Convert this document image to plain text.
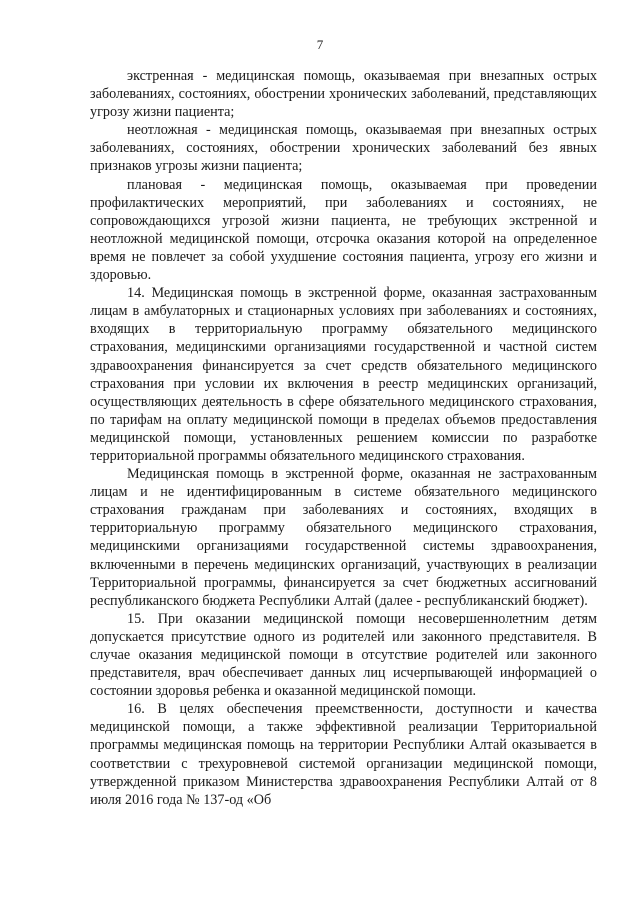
7

экстренная - медицинская помощь, оказываемая при внезапных острых заболеваниях, состояниях, обострении хронических заболеваний, представляющих угрозу жизни пациента;

неотложная - медицинская помощь, оказываемая при внезапных острых заболеваниях, состояниях, обострении хронических заболеваний без явных признаков угрозы жизни пациента;

плановая - медицинская помощь, оказываемая при проведении профилактических мероприятий, при заболеваниях и состояниях, не сопровождающихся угрозой жизни пациента, не требующих экстренной и неотложной медицинской помощи, отсрочка оказания которой на определенное время не повлечет за собой ухудшение состояния пациента, угрозу его жизни и здоровью.

14. Медицинская помощь в экстренной форме, оказанная застрахованным лицам в амбулаторных и стационарных условиях при заболеваниях и состояниях, входящих в территориальную программу обязательного медицинского страхования, медицинскими организациями государственной и частной систем здравоохранения финансируется за счет средств обязательного медицинского страхования при условии их включения в реестр медицинских организаций, осуществляющих деятельность в сфере обязательного медицинского страхования, по тарифам на оплату медицинской помощи в пределах объемов предоставления медицинской помощи, установленных решением комиссии по разработке территориальной программы обязательного медицинского страхования.

Медицинская помощь в экстренной форме, оказанная не застрахованным лицам и не идентифицированным в системе обязательного медицинского страхования гражданам при заболеваниях и состояниях, входящих в территориальную программу обязательного медицинского страхования, медицинскими организациями государственной системы здравоохранения, включенными в перечень медицинских организаций, участвующих в реализации Территориальной программы, финансируется за счет бюджетных ассигнований республиканского бюджета Республики Алтай (далее - республиканский бюджет).

15. При оказании медицинской помощи несовершеннолетним детям допускается присутствие одного из родителей или законного представителя. В случае оказания медицинской помощи в отсутствие родителей или законного представителя, врач обеспечивает данных лиц исчерпывающей информацией о состоянии здоровья ребенка и оказанной медицинской помощи.

16. В целях обеспечения преемственности, доступности и качества медицинской помощи, а также эффективной реализации Территориальной программы медицинская помощь на территории Республики Алтай оказывается в соответствии с трехуровневой системой организации медицинской помощи, утвержденной приказом Министерства здравоохранения Республики Алтай от 8 июля 2016 года № 137-од «Об
